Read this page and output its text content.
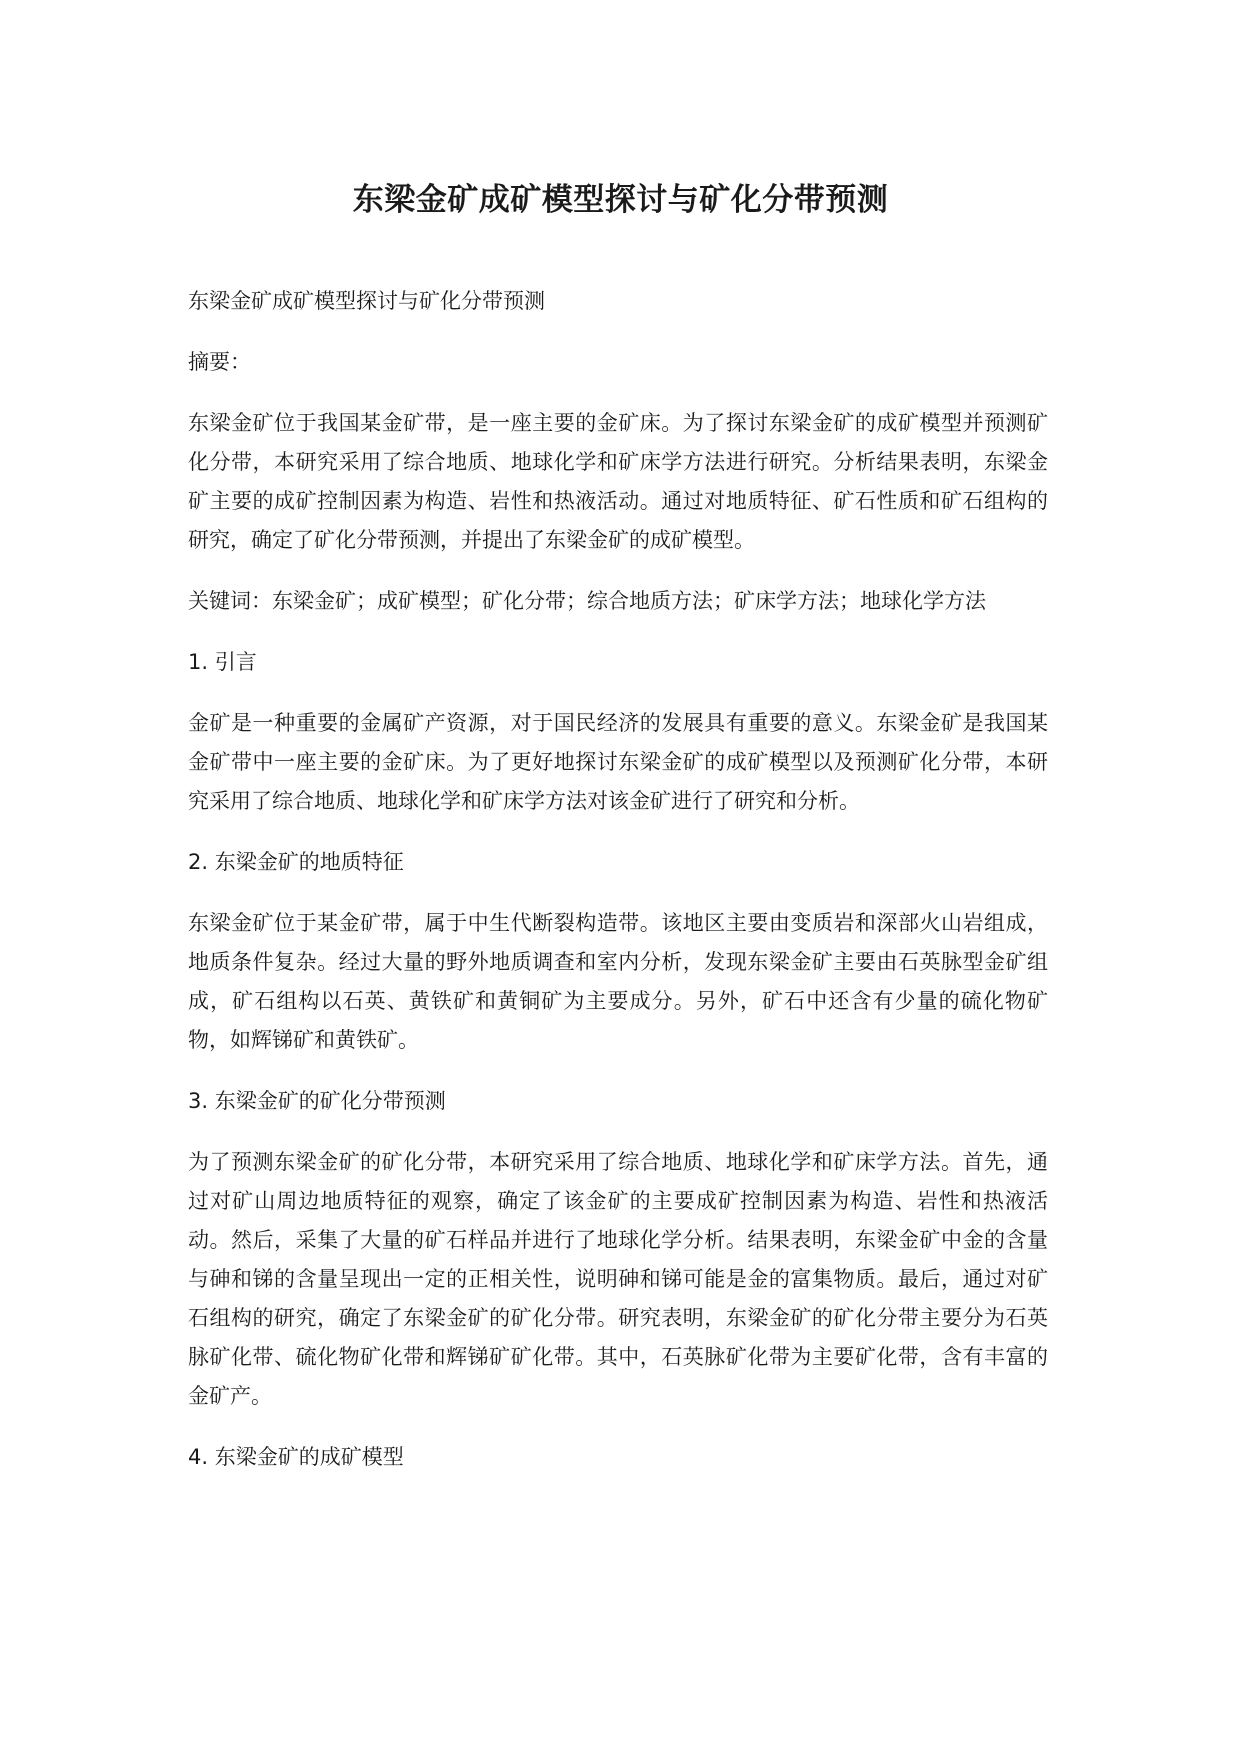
东梁金矿成矿模型探讨与矿化分带预测

东梁金矿成矿模型探讨与矿化分带预测

摘要：

东梁金矿位于我国某金矿带，是一座主要的金矿床。为了探讨东梁金矿的成矿模型并预测矿化分带，本研究采用了综合地质、地球化学和矿床学方法进行研究。分析结果表明，东梁金矿主要的成矿控制因素为构造、岩性和热液活动。通过对地质特征、矿石性质和矿石组构的研究，确定了矿化分带预测，并提出了东梁金矿的成矿模型。

关键词：东梁金矿；成矿模型；矿化分带；综合地质方法；矿床学方法；地球化学方法

1. 引言

金矿是一种重要的金属矿产资源，对于国民经济的发展具有重要的意义。东梁金矿是我国某金矿带中一座主要的金矿床。为了更好地探讨东梁金矿的成矿模型以及预测矿化分带，本研究采用了综合地质、地球化学和矿床学方法对该金矿进行了研究和分析。

2. 东梁金矿的地质特征

东梁金矿位于某金矿带，属于中生代断裂构造带。该地区主要由变质岩和深部火山岩组成，地质条件复杂。经过大量的野外地质调查和室内分析，发现东梁金矿主要由石英脉型金矿组成，矿石组构以石英、黄铁矿和黄铜矿为主要成分。另外，矿石中还含有少量的硫化物矿物，如辉锑矿和黄铁矿。

3. 东梁金矿的矿化分带预测

为了预测东梁金矿的矿化分带，本研究采用了综合地质、地球化学和矿床学方法。首先，通过对矿山周边地质特征的观察，确定了该金矿的主要成矿控制因素为构造、岩性和热液活动。然后，采集了大量的矿石样品并进行了地球化学分析。结果表明，东梁金矿中金的含量与砷和锑的含量呈现出一定的正相关性，说明砷和锑可能是金的富集物质。最后，通过对矿石组构的研究，确定了东梁金矿的矿化分带。研究表明，东梁金矿的矿化分带主要分为石英脉矿化带、硫化物矿化带和辉锑矿矿化带。其中，石英脉矿化带为主要矿化带，含有丰富的金矿产。

4. 东梁金矿的成矿模型
